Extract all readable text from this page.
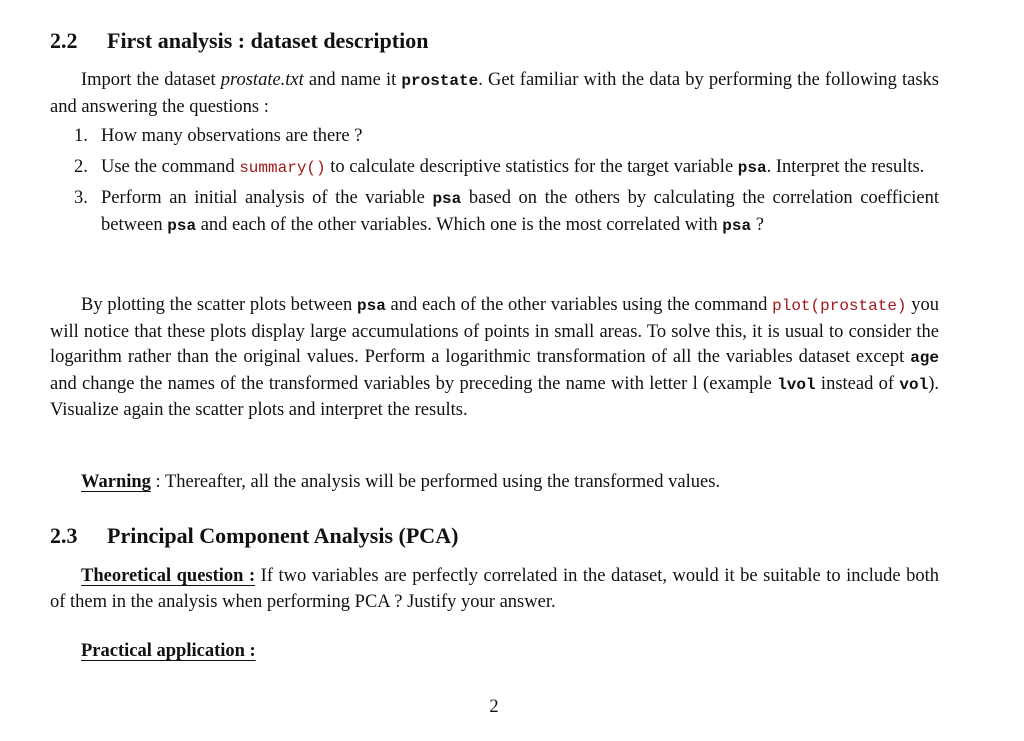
2.2 First analysis : dataset description
Import the dataset prostate.txt and name it prostate. Get familiar with the data by performing the following tasks and answering the questions :
1. How many observations are there ?
2. Use the command summary() to calculate descriptive statistics for the target variable psa. Interpret the results.
3. Perform an initial analysis of the variable psa based on the others by calculating the correlation coefficient between psa and each of the other variables. Which one is the most correlated with psa ?
By plotting the scatter plots between psa and each of the other variables using the command plot(prostate) you will notice that these plots display large accumulations of points in small areas. To solve this, it is usual to consider the logarithm rather than the original values. Perform a logarithmic transformation of all the variables dataset except age and change the names of the transformed variables by preceding the name with letter l (example lvol instead of vol). Visualize again the scatter plots and interpret the results.
Warning : Thereafter, all the analysis will be performed using the transformed values.
2.3 Principal Component Analysis (PCA)
Theoretical question : If two variables are perfectly correlated in the dataset, would it be suitable to include both of them in the analysis when performing PCA ? Justify your answer.
Practical application :
2
